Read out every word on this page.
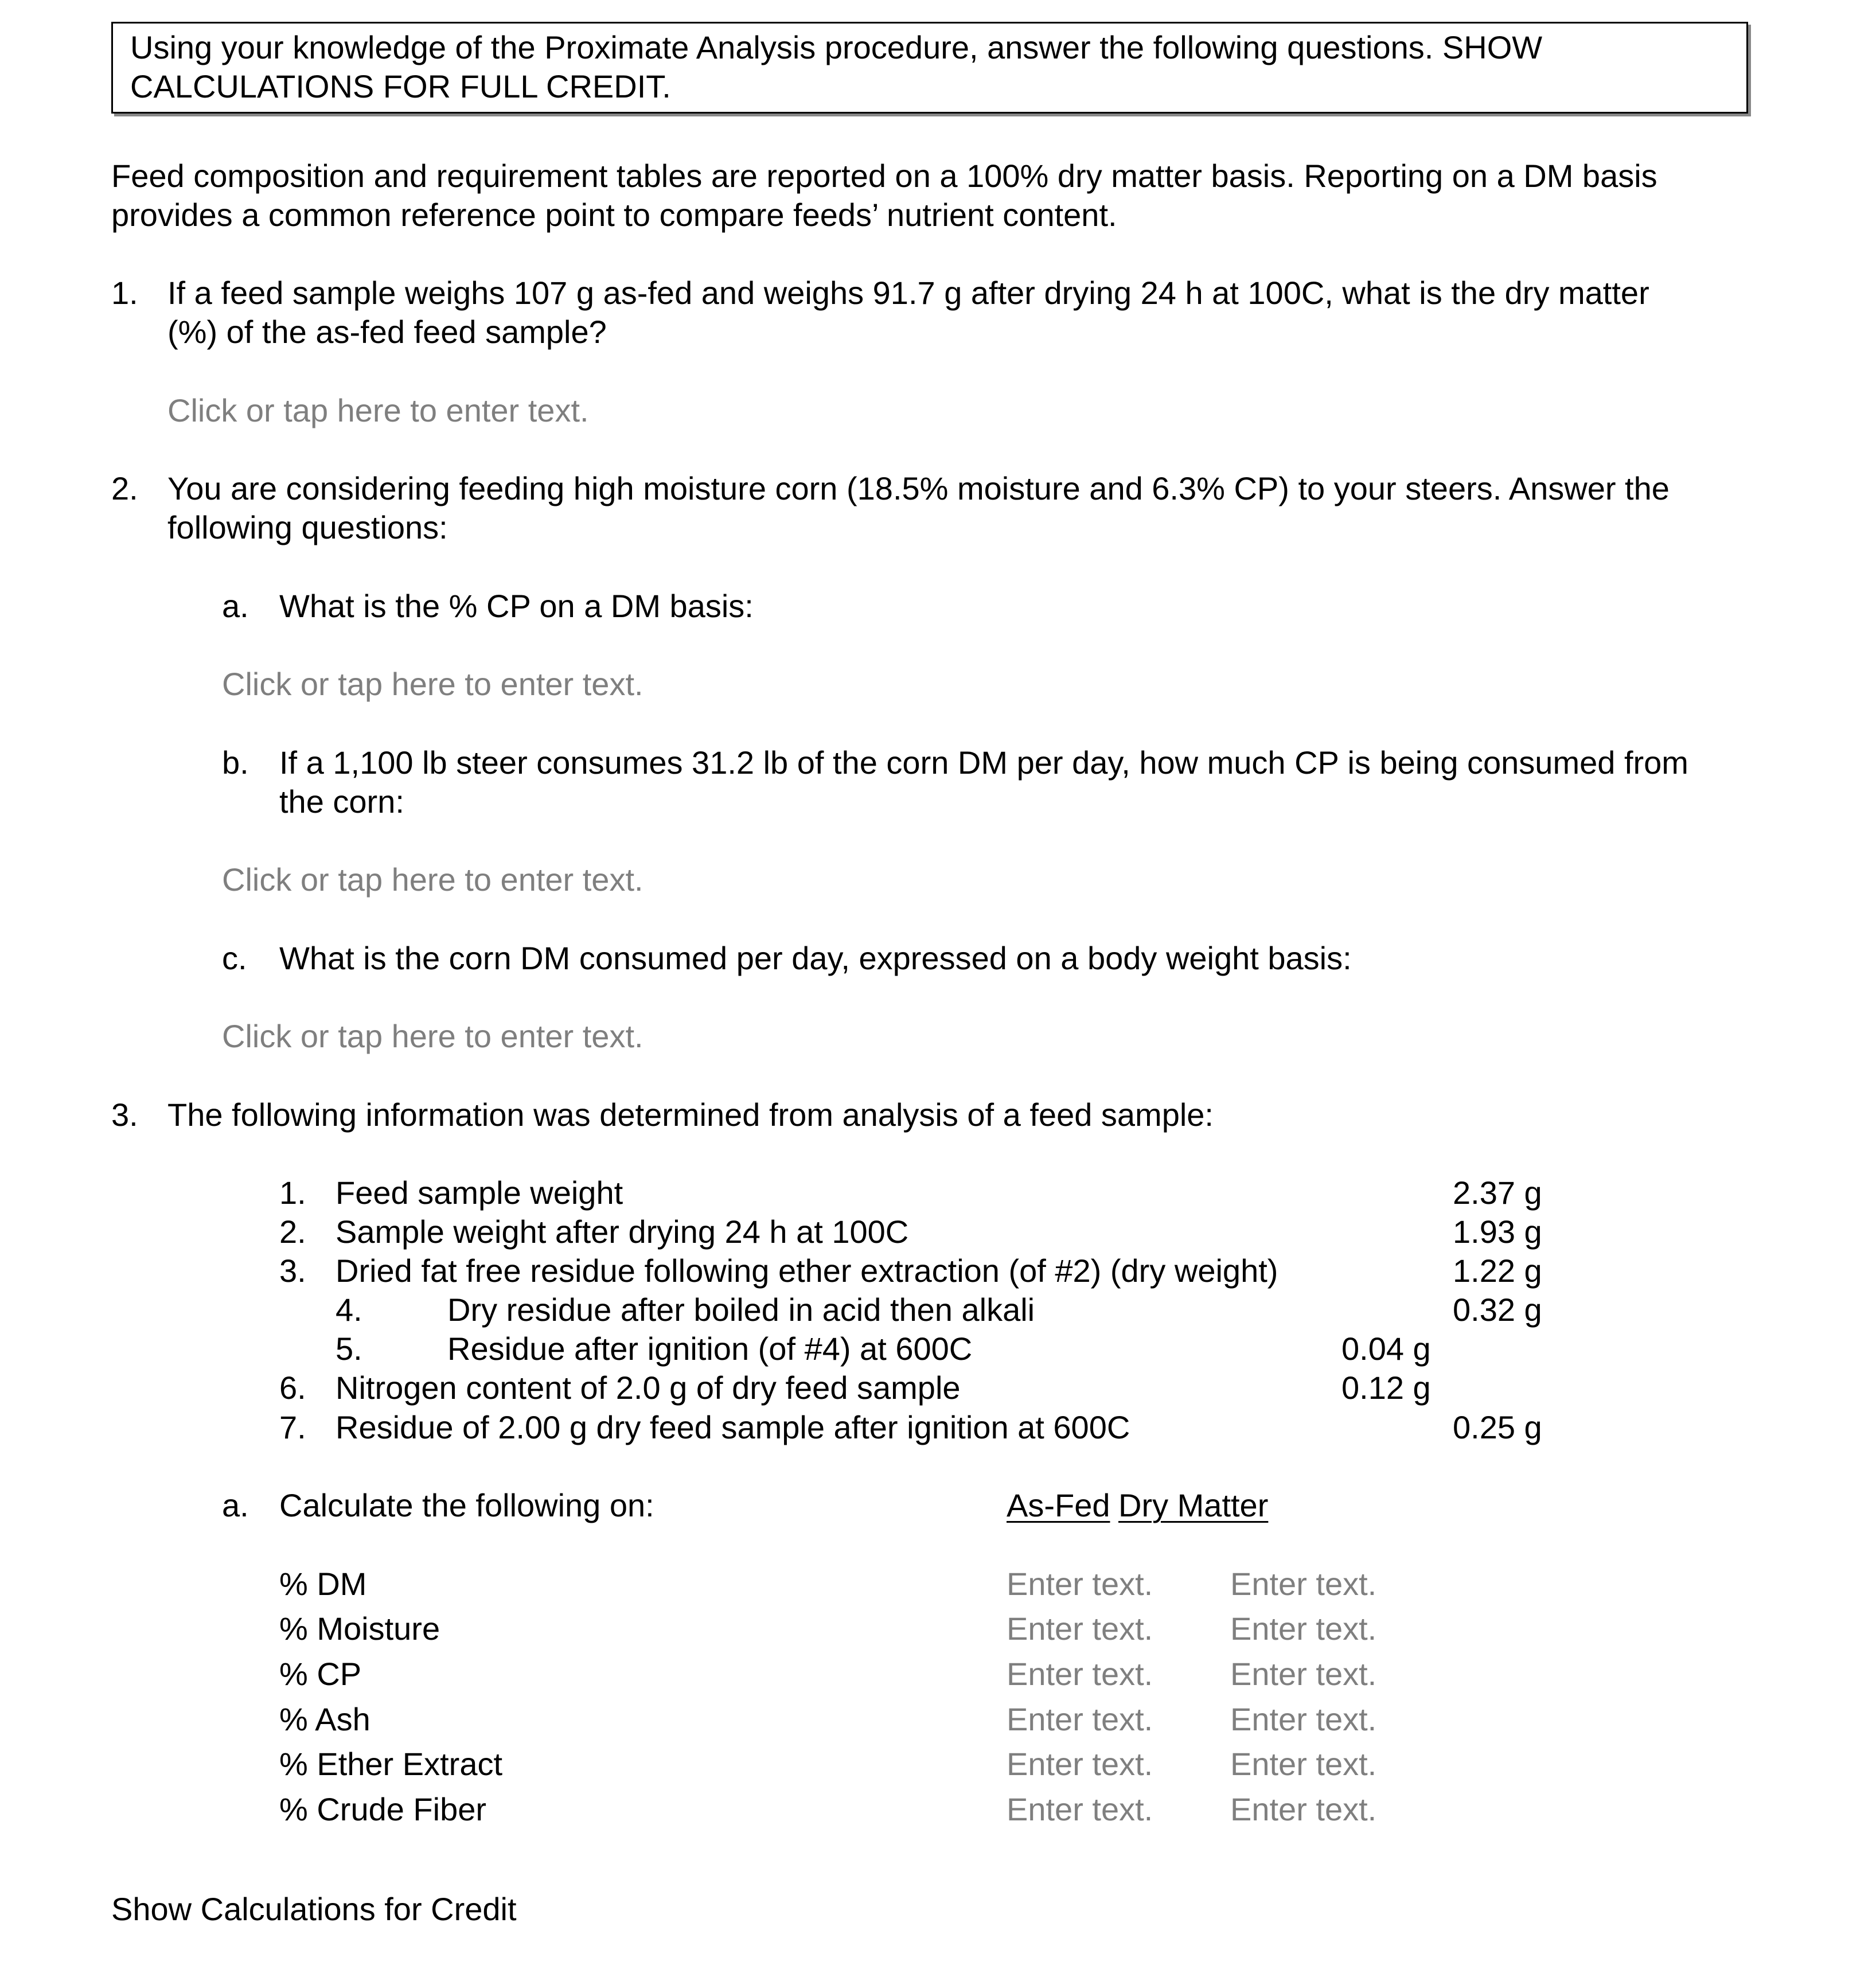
Using your knowledge of the Proximate Analysis procedure, answer the following questions. SHOW
CALCULATIONS FOR FULL CREDIT.
Feed composition and requirement tables are reported on a 100% dry matter basis. Reporting on a DM basis
provides a common reference point to compare feeds’ nutrient content.
1. If a feed sample weighs 107 g as-fed and weighs 91.7 g after drying 24 h at 100C, what is the dry matter
(%) of the as-fed feed sample?
Click or tap here to enter text.
2. You are considering feeding high moisture corn (18.5% moisture and 6.3% CP) to your steers. Answer the
following questions:
a. What is the % CP on a DM basis:
Click or tap here to enter text.
b. If a 1,100 lb steer consumes 31.2 lb of the corn DM per day, how much CP is being consumed from
the corn:
Click or tap here to enter text.
c. What is the corn DM consumed per day, expressed on a body weight basis:
Click or tap here to enter text.
3. The following information was determined from analysis of a feed sample:
1. Feed sample weight	2.37 g
2. Sample weight after drying 24 h at 100C	1.93 g
3. Dried fat free residue following ether extraction (of #2) (dry weight)	1.22 g
4.	Dry residue after boiled in acid then alkali	0.32 g
5.	Residue after ignition (of #4) at 600C	0.04 g
6. Nitrogen content of 2.0 g of dry feed sample	0.12 g
7. Residue of 2.00 g dry feed sample after ignition at 600C	0.25 g
a. Calculate the following on:	As-Fed Dry Matter
% DM	Enter text. Enter text.
% Moisture	Enter text. Enter text.
% CP	Enter text. Enter text.
% Ash	Enter text. Enter text.
% Ether Extract	Enter text. Enter text.
% Crude Fiber	Enter text. Enter text.
Show Calculations for Credit
